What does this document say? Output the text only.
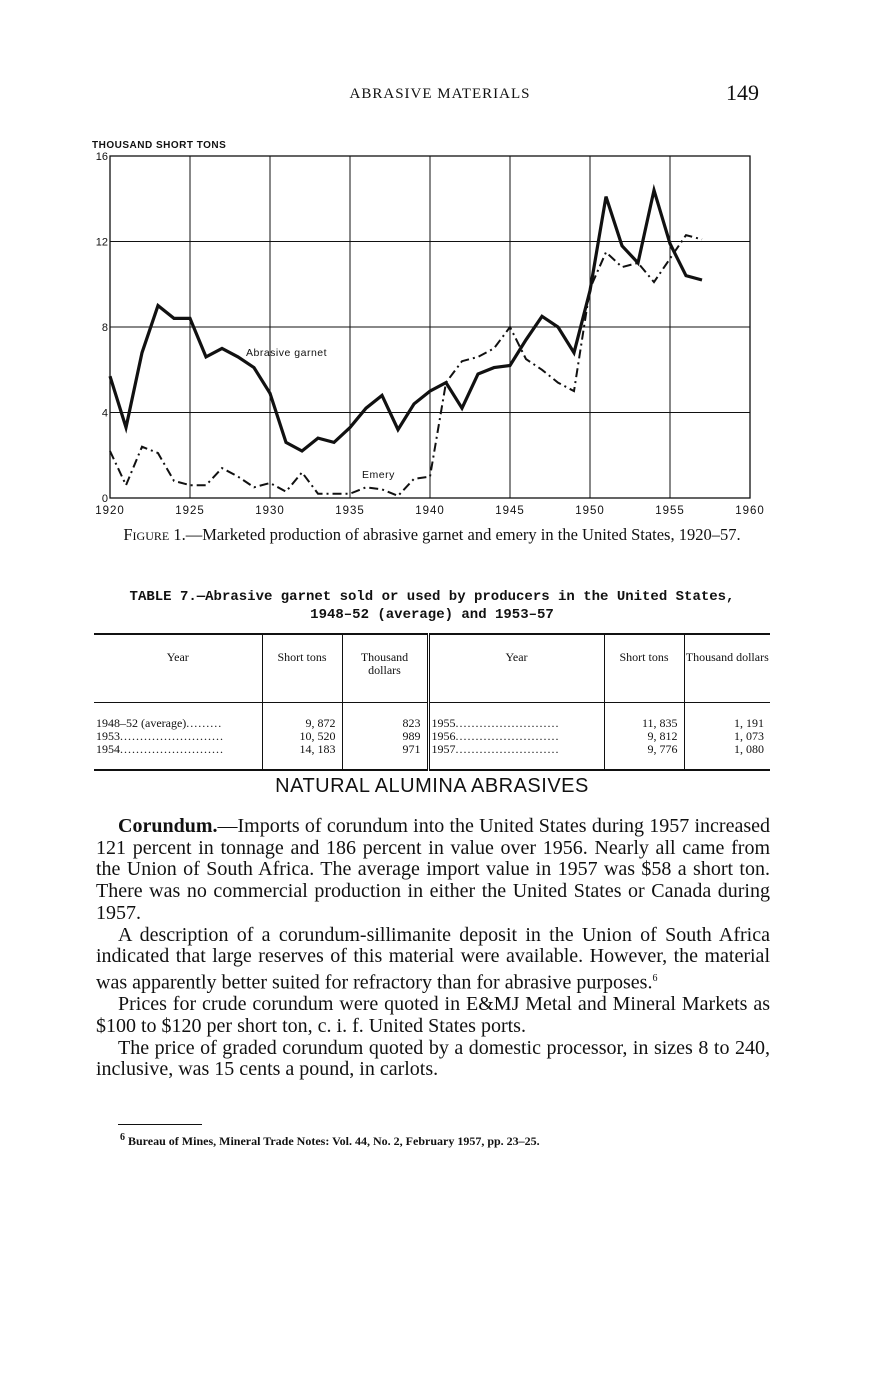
ABRASIVE MATERIALS	149
THOUSAND SHORT TONS
1920	1925	1930	1935	1940	1945	1950	1955	1960
0
4
8
12
16
Abrasive garnet
Emery
Figure 1.—Marketed production of abrasive garnet and emery in the United States, 1920–57.
TABLE 7.—Abrasive garnet sold or used by producers in the United States,
1948–52 (average) and 1953–57
Year	Short tons	Thousand dollars	Year	Short tons	Thousand dollars
1948–52 (average).........	9, 872	823	1955..........................	11, 835	1, 191
1953..........................	10, 520	989	1956..........................	9, 812	1, 073
1954..........................	14, 183	971	1957..........................	9, 776	1, 080
NATURAL ALUMINA ABRASIVES

Corundum.—Imports of corundum into the United States during 1957 increased 121 percent in tonnage and 186 percent in value over 1956. Nearly all came from the Union of South Africa. The average import value in 1957 was $58 a short ton. There was no commercial production in either the United States or Canada during 1957.

A description of a corundum-sillimanite deposit in the Union of South Africa indicated that large reserves of this material were available. However, the material was apparently better suited for refractory than for abrasive purposes.$^6$

Prices for crude corundum were quoted in E&MJ Metal and Mineral Markets as $100 to $120 per short ton, c. i. f. United States ports.

The price of graded corundum quoted by a domestic processor, in sizes 8 to 240, inclusive, was 15 cents a pound, in carlots.

$^6$ Bureau of Mines, Mineral Trade Notes: Vol. 44, No. 2, February 1957, pp. 23–25.
